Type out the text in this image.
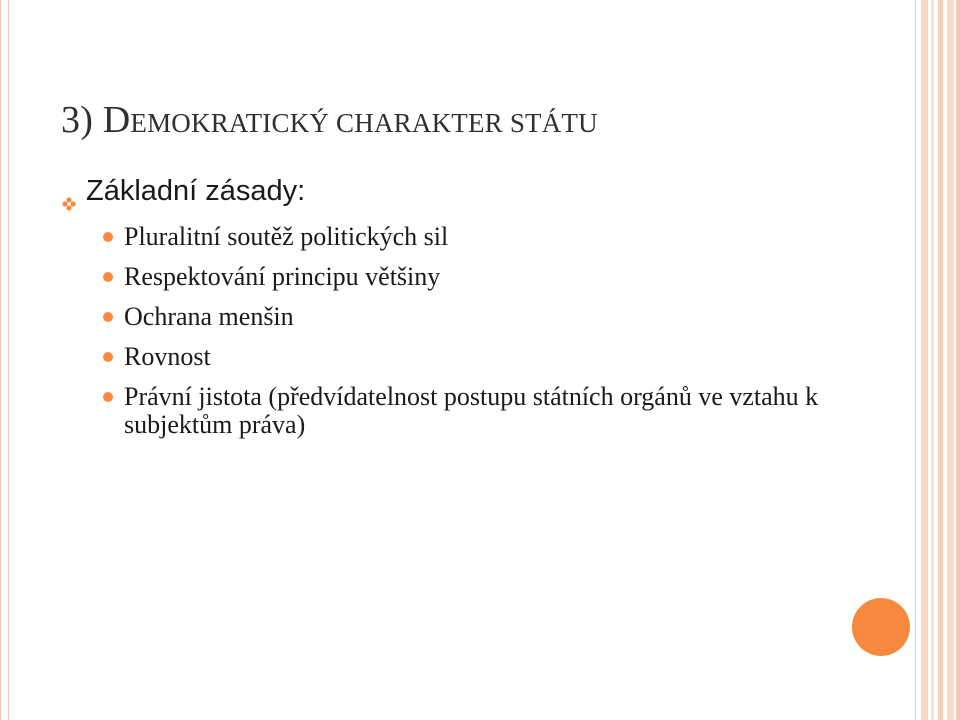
3) DEMOKRATICKÝ CHARAKTER STÁTU
Základní zásady:
Pluralitní soutěž politických sil
Respektování principu většiny
Ochrana menšin
Rovnost
Právní jistota (předvídatelnost postupu státních orgánů ve vztahu k subjektům práva)
